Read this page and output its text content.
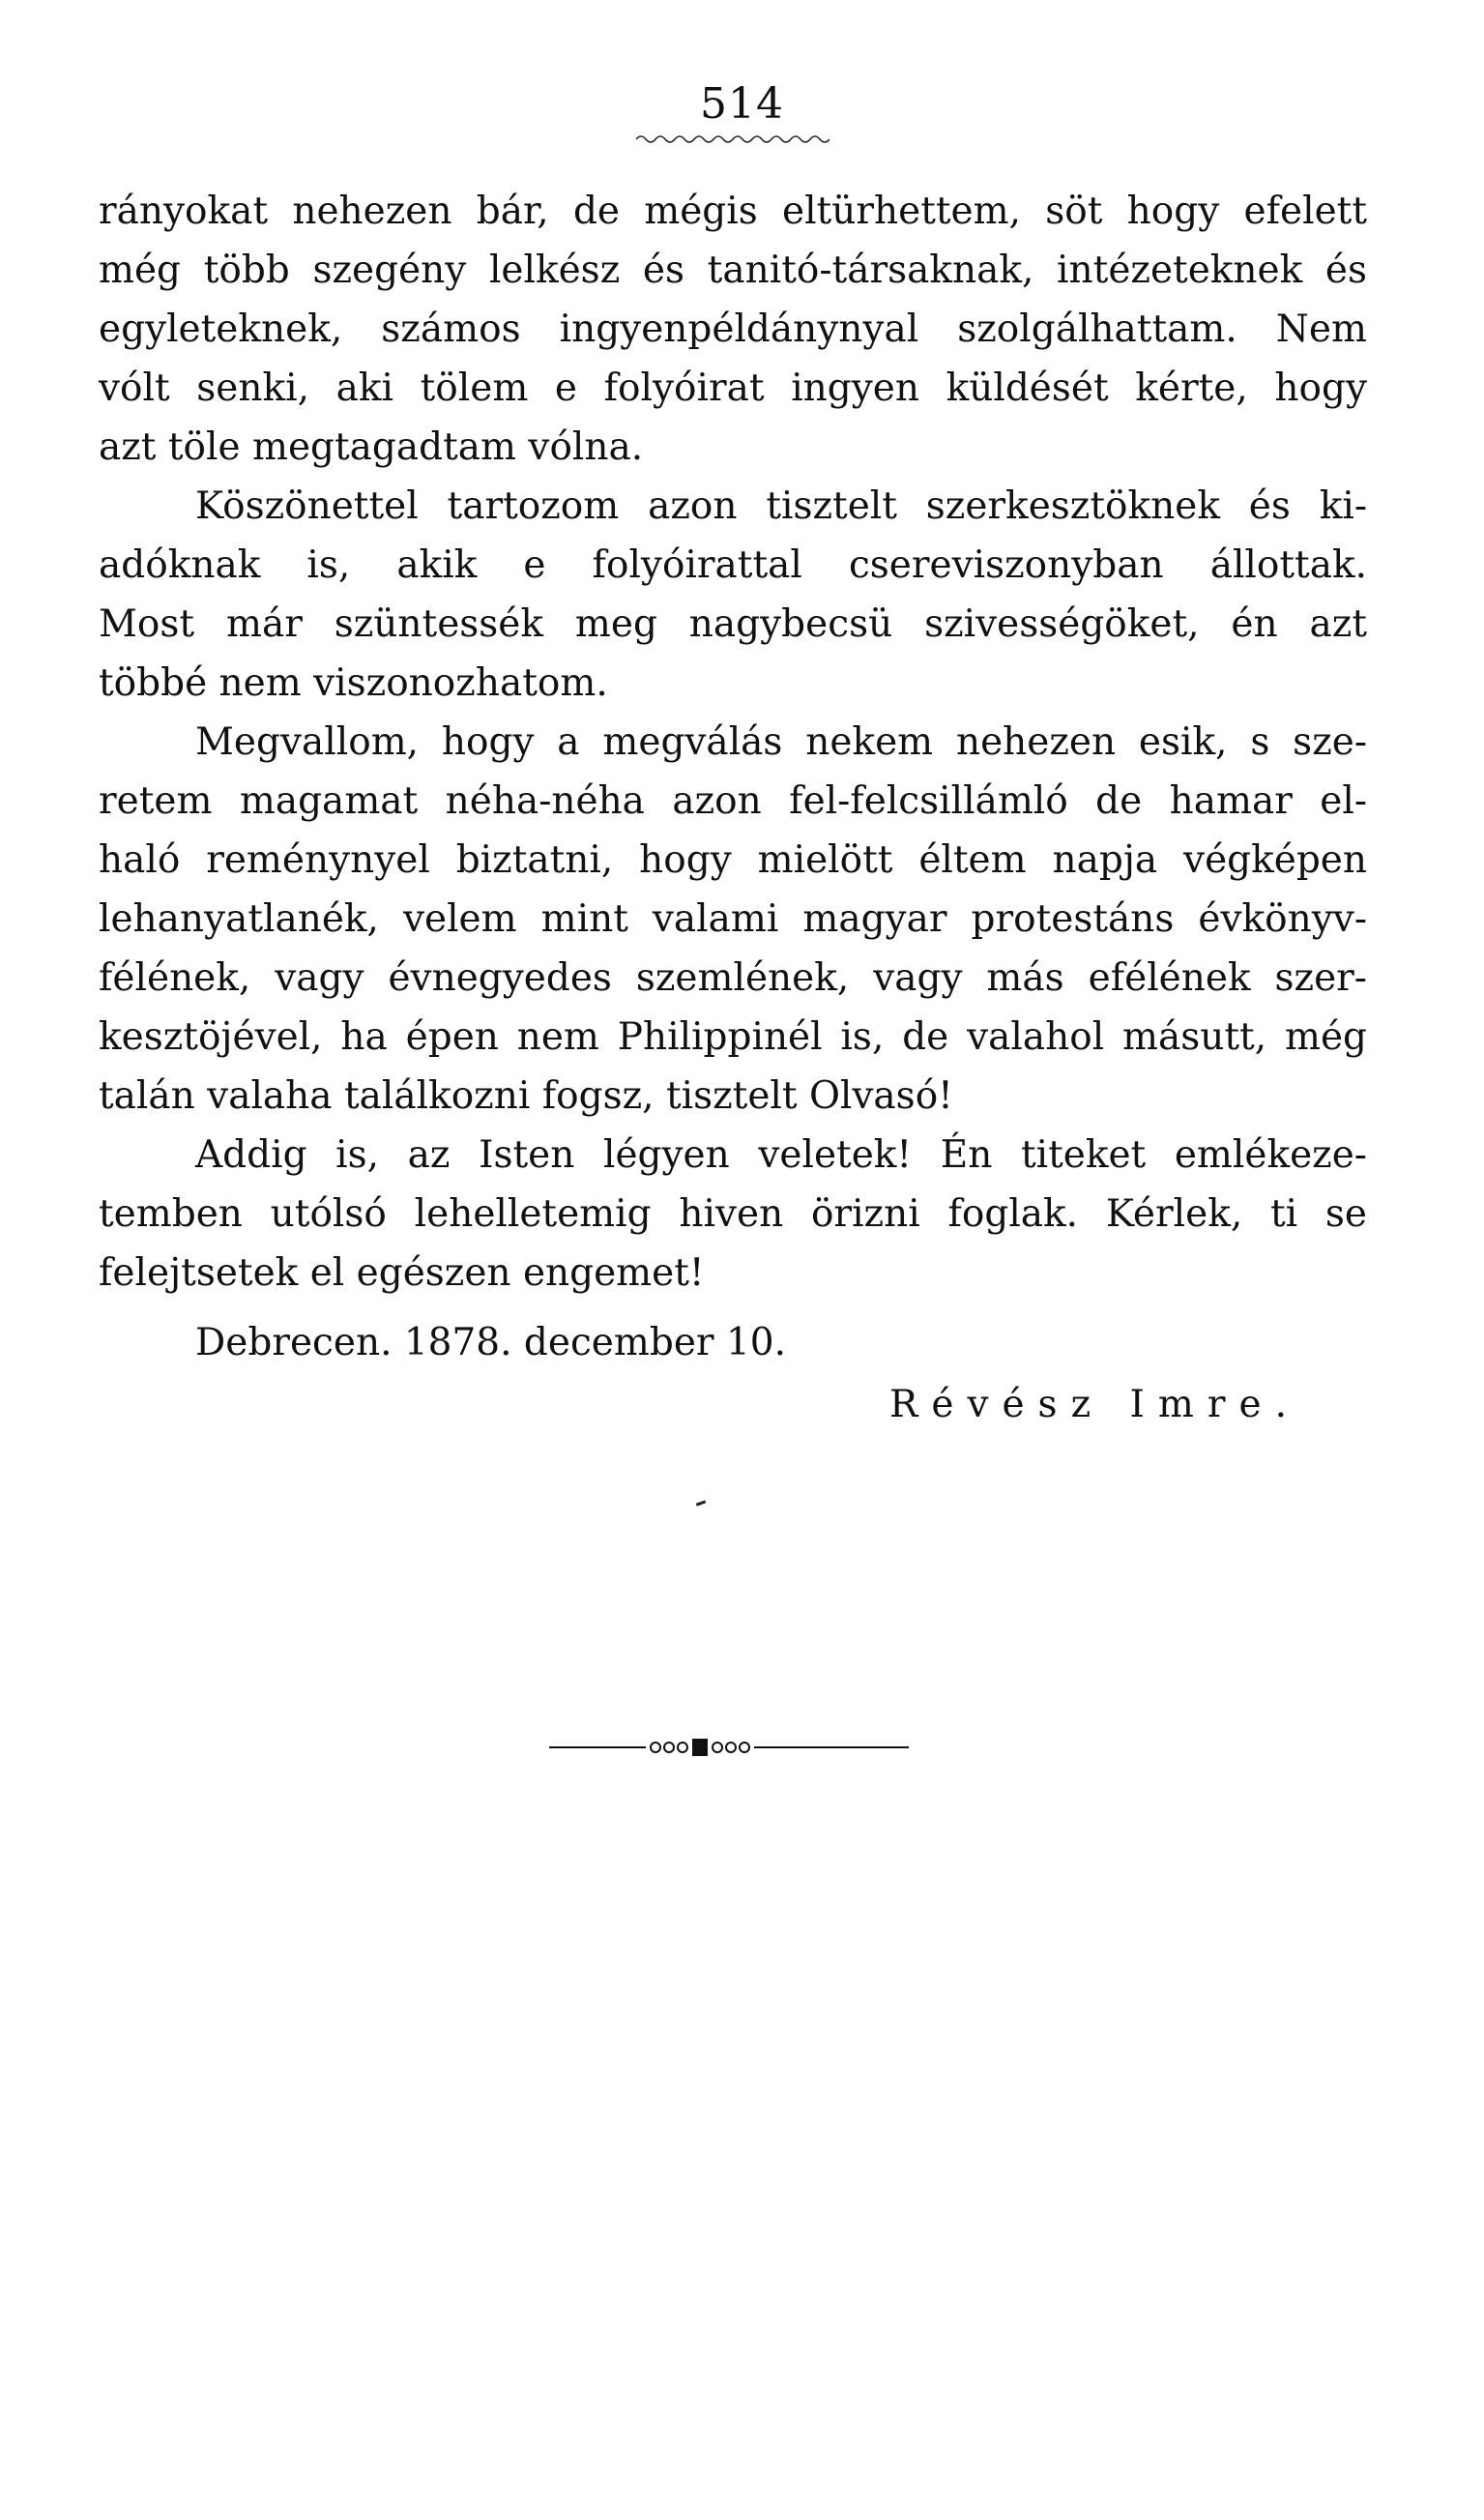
514
rányokat nehezen bár, de mégis eltürhettem, söt hogy efelett
még több szegény lelkész és tanitó-társaknak, intézeteknek és
egyleteknek, számos ingyenpéldánynyal szolgálhattam. Nem
vólt senki, aki tölem e folyóirat ingyen küldését kérte, hogy
azt töle megtagadtam vólna.
Köszönettel tartozom azon tisztelt szerkesztöknek és ki-
adóknak is, akik e folyóirattal csereviszonyban állottak.
Most már szüntessék meg nagybecsü szivességöket, én azt
többé nem viszonozhatom.
Megvallom, hogy a megválás nekem nehezen esik, s sze-
retem magamat néha-néha azon fel-felcsillámló de hamar el-
haló reménynyel biztatni, hogy mielött éltem napja végképen
lehanyatlanék, velem mint valami magyar protestáns évkönyv-
félének, vagy évnegyedes szemlének, vagy más efélének szer-
kesztöjével, ha épen nem Philippinél is, de valahol másutt, még
talán valaha találkozni fogsz, tisztelt Olvasó!
Addig is, az Isten légyen veletek! Én titeket emlékeze-
temben utólsó lehelletemig hiven örizni foglak. Kérlek, ti se
felejtsetek el egészen engemet!
Debrecen. 1878. december 10.
Révész Imre.
